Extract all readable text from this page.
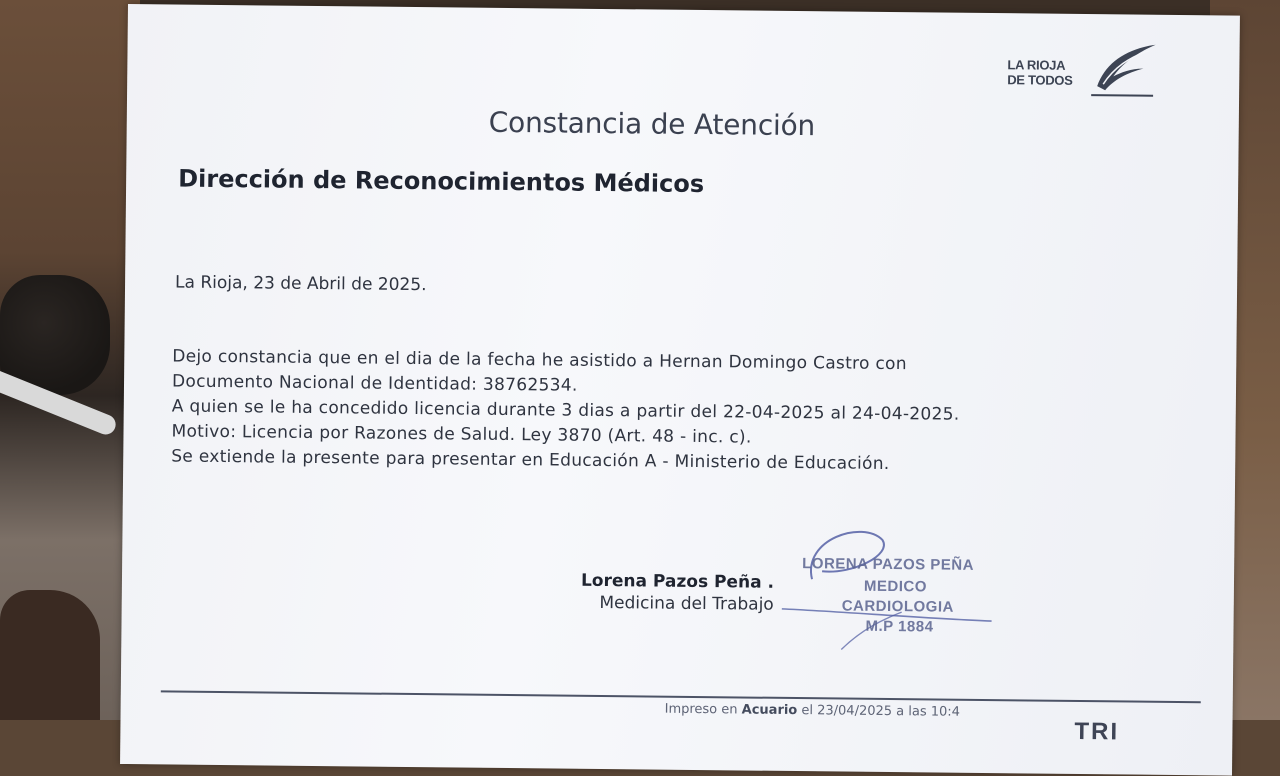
LA RIOJA
DE TODOS
Constancia de Atención
Dirección de Reconocimientos Médicos
La Rioja, 23 de Abril de 2025.
Dejo constancia que en el dia de la fecha he asistido a Hernan Domingo Castro con
Documento Nacional de Identidad: 38762534.
A quien se le ha concedido licencia durante 3 dias a partir del 22-04-2025 al 24-04-2025.
Motivo: Licencia por Razones de Salud. Ley 3870 (Art. 48 - inc. c).
Se extiende la presente para presentar en Educación A - Ministerio de Educación.
Lorena Pazos Peña .
Medicina del Trabajo
LORENA PAZOS PEÑA
MEDICO
CARDIOLOGIA
M.P 1884
Impreso en Acuario el 23/04/2025 a las 10:4
TRI
